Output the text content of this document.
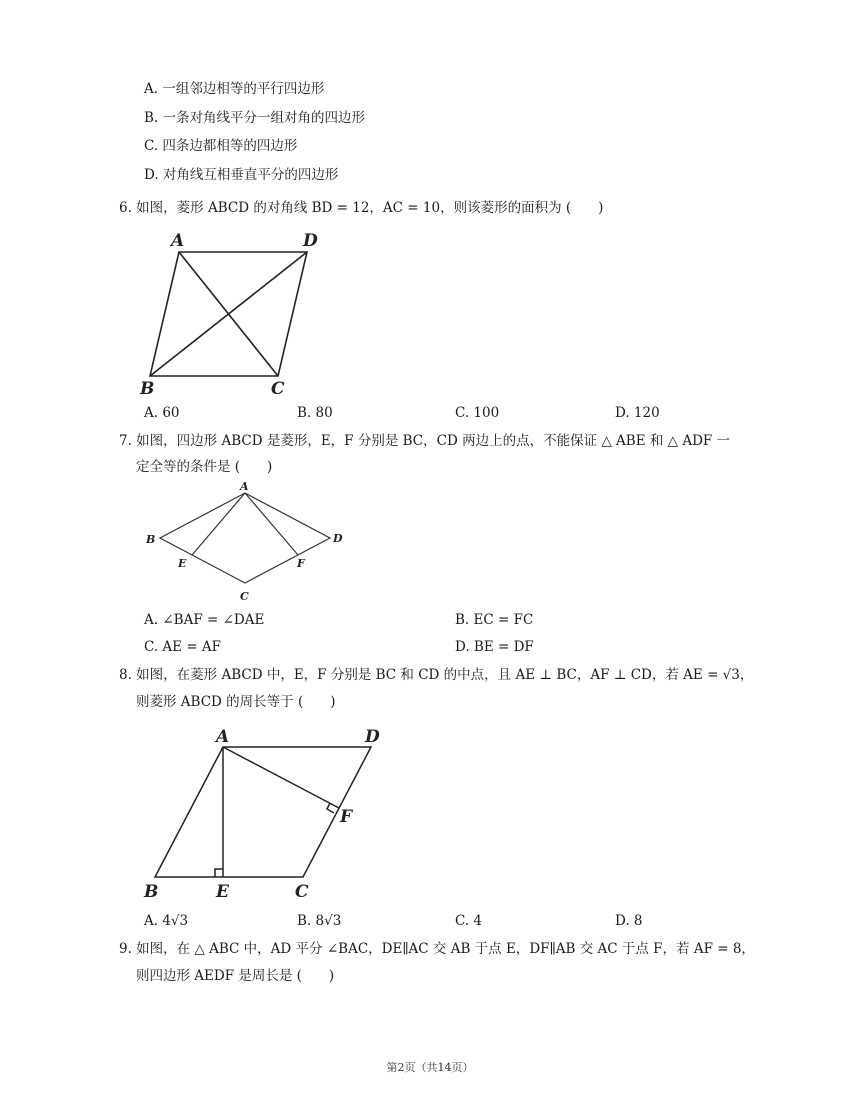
A. 一组邻边相等的平行四边形
B. 一条对角线平分一组对角的四边形
C. 四条边都相等的四边形
D. 对角线互相垂直平分的四边形
6. 如图，菱形 ABCD 的对角线 BD = 12，AC = 10，则该菱形的面积为 (　　)
A	D
B	C
A. 60	B. 80	C. 100	D. 120
7. 如图，四边形 ABCD 是菱形，E，F 分别是 BC，CD 两边上的点，不能保证 △ ABE 和 △ ADF 一
定全等的条件是 (　　)
A
B	D
E	F
C
A. ∠BAF = ∠DAE	B. EC = FC
C. AE = AF	D. BE = DF
8. 如图，在菱形 ABCD 中，E，F 分别是 BC 和 CD 的中点，且 AE ⊥ BC，AF ⊥ CD，若 AE = √3，
则菱形 ABCD 的周长等于 (　　)
A	D
F
B	E	C
A. 4√3	B. 8√3	C. 4	D. 8
9. 如图，在 △ ABC 中，AD 平分 ∠BAC，DE∥AC 交 AB 于点 E，DF∥AB 交 AC 于点 F，若 AF = 8，
则四边形 AEDF 是周长是 (　　)
第2页（共14页）
